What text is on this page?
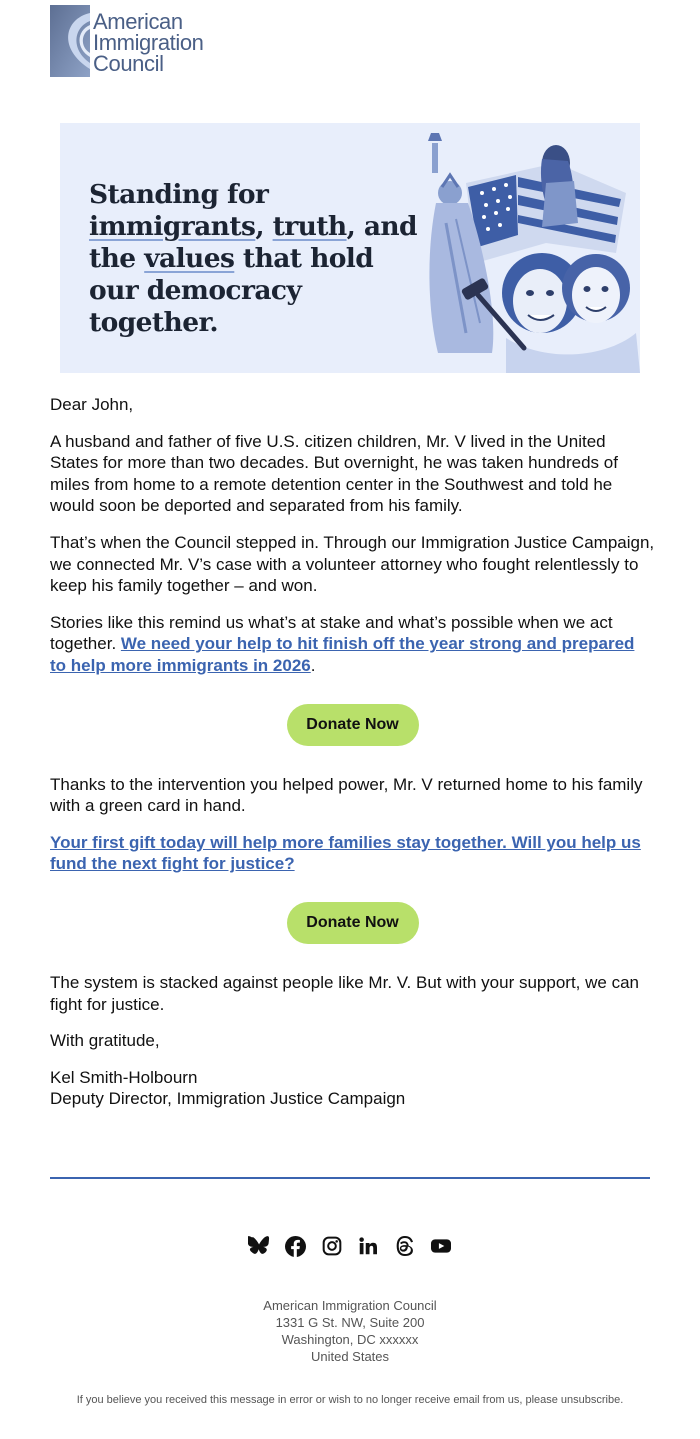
American
Immigration
Council
Standing for immigrants, truth, and the values that hold our democracy together.

Dear John,

A husband and father of five U.S. citizen children, Mr. V lived in the United States for more than two decades. But overnight, he was taken hundreds of miles from home to a remote detention center in the Southwest and told he would soon be deported and separated from his family.

That’s when the Council stepped in. Through our Immigration Justice Campaign, we connected Mr. V’s case with a volunteer attorney who fought relentlessly to keep his family together – and won.

Stories like this remind us what’s at stake and what’s possible when we act together. We need your help to hit finish off the year strong and prepared to help more immigrants in 2026.

Donate Now

Thanks to the intervention you helped power, Mr. V returned home to his family with a green card in hand.

Your first gift today will help more families stay together. Will you help us fund the next fight for justice?

Donate Now

The system is stacked against people like Mr. V. But with your support, we can fight for justice.

With gratitude,

Kel Smith-Holbourn
Deputy Director, Immigration Justice Campaign

American Immigration Council
1331 G St. NW, Suite 200
Washington, DC xxxxxx
United States
If you believe you received this message in error or wish to no longer receive email from us, please unsubscribe.
